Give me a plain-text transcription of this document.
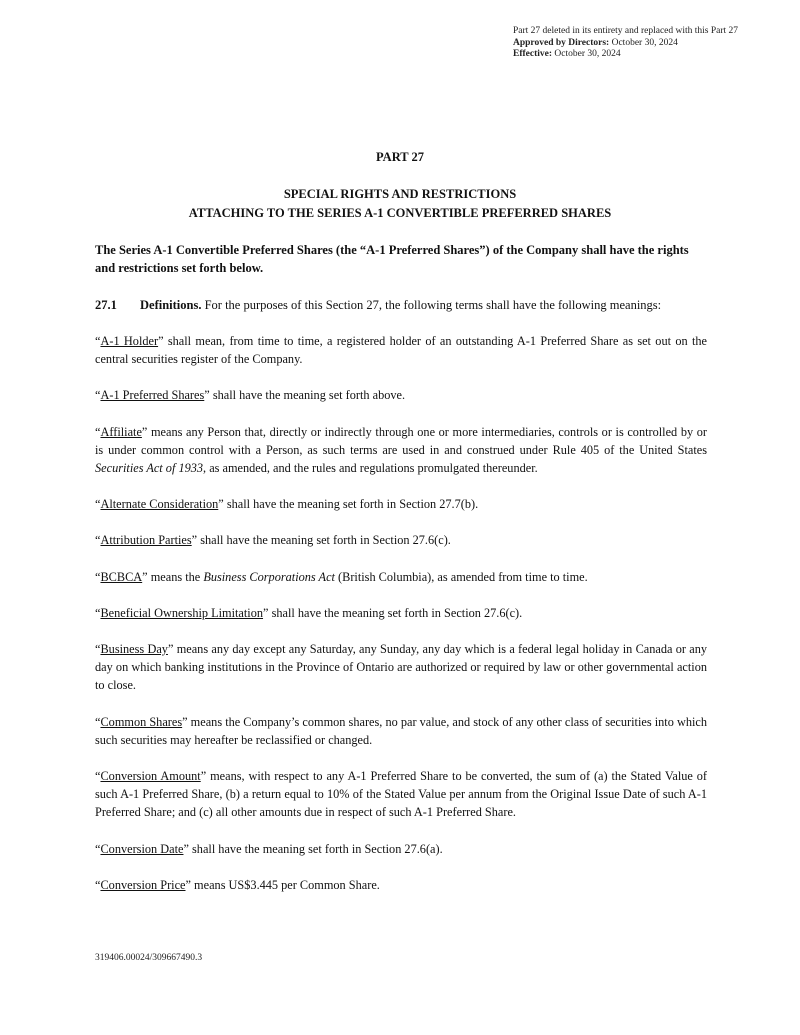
Part 27 deleted in its entirety and replaced with this Part 27
Approved by Directors: October 30, 2024
Effective: October 30, 2024
PART 27
SPECIAL RIGHTS AND RESTRICTIONS
ATTACHING TO THE SERIES A-1 CONVERTIBLE PREFERRED SHARES
The Series A-1 Convertible Preferred Shares (the “A-1 Preferred Shares”) of the Company shall have the rights and restrictions set forth below.
27.1 Definitions. For the purposes of this Section 27, the following terms shall have the following meanings:

“A-1 Holder” shall mean, from time to time, a registered holder of an outstanding A-1 Preferred Share as set out on the central securities register of the Company.

“A-1 Preferred Shares” shall have the meaning set forth above.

“Affiliate” means any Person that, directly or indirectly through one or more intermediaries, controls or is controlled by or is under common control with a Person, as such terms are used in and construed under Rule 405 of the United States Securities Act of 1933, as amended, and the rules and regulations promulgated thereunder.

“Alternate Consideration” shall have the meaning set forth in Section 27.7(b).

“Attribution Parties” shall have the meaning set forth in Section 27.6(c).

“BCBCA” means the Business Corporations Act (British Columbia), as amended from time to time.

“Beneficial Ownership Limitation” shall have the meaning set forth in Section 27.6(c).

“Business Day” means any day except any Saturday, any Sunday, any day which is a federal legal holiday in Canada or any day on which banking institutions in the Province of Ontario are authorized or required by law or other governmental action to close.

“Common Shares” means the Company’s common shares, no par value, and stock of any other class of securities into which such securities may hereafter be reclassified or changed.

“Conversion Amount” means, with respect to any A-1 Preferred Share to be converted, the sum of (a) the Stated Value of such A-1 Preferred Share, (b) a return equal to 10% of the Stated Value per annum from the Original Issue Date of such A-1 Preferred Share; and (c) all other amounts due in respect of such A-1 Preferred Share.

“Conversion Date” shall have the meaning set forth in Section 27.6(a).

“Conversion Price” means US$3.445 per Common Share.

319406.00024/309667490.3
